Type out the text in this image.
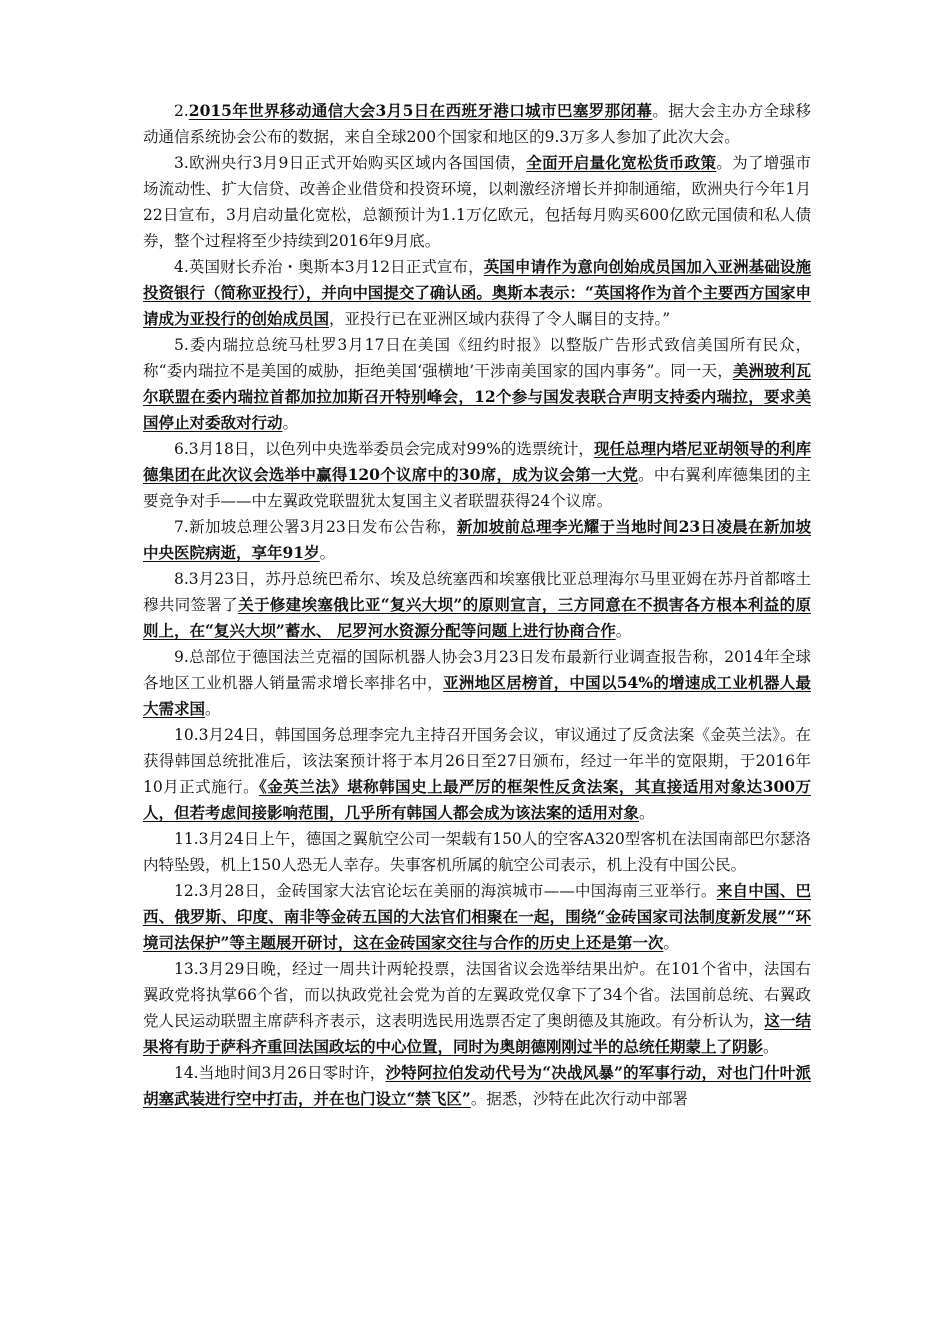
2.2015年世界移动通信大会3月5日在西班牙港口城市巴塞罗那闭幕。据大会主办方全球移动通信系统协会公布的数据，来自全球200个国家和地区的9.3万多人参加了此次大会。

3.欧洲央行3月9日正式开始购买区域内各国国债，全面开启量化宽松货币政策。为了增强市场流动性、扩大信贷、改善企业借贷和投资环境，以刺激经济增长并抑制通缩，欧洲央行今年1月22日宣布，3月启动量化宽松，总额预计为1.1万亿欧元，包括每月购买600亿欧元国债和私人债券，整个过程将至少持续到2016年9月底。

4.英国财长乔治・奥斯本3月12日正式宣布，英国申请作为意向创始成员国加入亚洲基础设施投资银行（简称亚投行），并向中国提交了确认函。奥斯本表示：“英国将作为首个主要西方国家申请成为亚投行的创始成员国，亚投行已在亚洲区域内获得了令人瞩目的支持。”

5.委内瑞拉总统马杜罗3月17日在美国《纽约时报》以整版广告形式致信美国所有民众，称“委内瑞拉不是美国的威胁，拒绝美国‘强横地’干涉南美国家的国内事务”。同一天，美洲玻利瓦尔联盟在委内瑞拉首都加拉加斯召开特别峰会，12个参与国发表联合声明支持委内瑞拉，要求美国停止对委敌对行动。

6.3月18日，以色列中央选举委员会完成对99%的选票统计，现任总理内塔尼亚胡领导的利库德集团在此次议会选举中赢得120个议席中的30席，成为议会第一大党。中右翼利库德集团的主要竞争对手——中左翼政党联盟犹太复国主义者联盟获得24个议席。

7.新加坡总理公署3月23日发布公告称，新加坡前总理李光耀于当地时间23日凌晨在新加坡中央医院病逝，享年91岁。

8.3月23日，苏丹总统巴希尔、埃及总统塞西和埃塞俄比亚总理海尔马里亚姆在苏丹首都喀土穆共同签署了关于修建埃塞俄比亚“复兴大坝”的原则宣言，三方同意在不损害各方根本利益的原则上，在“复兴大坝”蓄水、 尼罗河水资源分配等问题上进行协商合作。

9.总部位于德国法兰克福的国际机器人协会3月23日发布最新行业调查报告称，2014年全球各地区工业机器人销量需求增长率排名中，亚洲地区居榜首，中国以54%的增速成工业机器人最大需求国。

10.3月24日，韩国国务总理李完九主持召开国务会议，审议通过了反贪法案《金英兰法》。在获得韩国总统批准后，该法案预计将于本月26日至27日颁布，经过一年半的宽限期，于2016年10月正式施行。《金英兰法》堪称韩国史上最严厉的框架性反贪法案，其直接适用对象达300万人，但若考虑间接影响范围，几乎所有韩国人都会成为该法案的适用对象。

11.3月24日上午，德国之翼航空公司一架载有150人的空客A320型客机在法国南部巴尔瑟洛内特坠毁，机上150人恐无人幸存。失事客机所属的航空公司表示，机上没有中国公民。

12.3月28日，金砖国家大法官论坛在美丽的海滨城市——中国海南三亚举行。来自中国、巴西、俄罗斯、印度、南非等金砖五国的大法官们相聚在一起，围绕“金砖国家司法制度新发展”“环境司法保护”等主题展开研讨，这在金砖国家交往与合作的历史上还是第一次。

13.3月29日晚，经过一周共计两轮投票，法国省议会选举结果出炉。在101个省中，法国右翼政党将执掌66个省，而以执政党社会党为首的左翼政党仅拿下了34个省。法国前总统、右翼政党人民运动联盟主席萨科齐表示，这表明选民用选票否定了奥朗德及其施政。有分析认为，这一结果将有助于萨科齐重回法国政坛的中心位置，同时为奥朗德刚刚过半的总统任期蒙上了阴影。

14.当地时间3月26日零时许，沙特阿拉伯发动代号为“决战风暴”的军事行动，对也门什叶派胡塞武装进行空中打击，并在也门设立“禁飞区”。据悉，沙特在此次行动中部署
